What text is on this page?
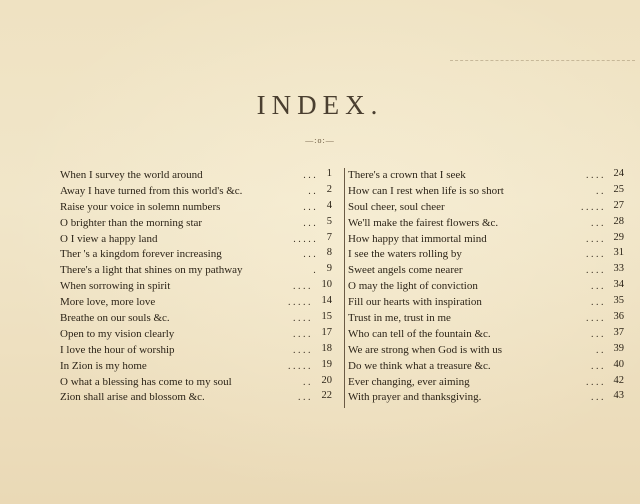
INDEX.
—:o:—
When I survey the world around	. . . 1
Away I have turned from this world's &c.	. . 2
Raise your voice in solemn numbers	. . . 4
O brighter than the morning star	. . . 5
O I view a happy land	. . . . . 7
Ther 's a kingdom forever increasing	. . . 8
There's a light that shines on my pathway	. 9
When sorrowing in spirit	. . . . 10
More love, more love	. . . . . 14
Breathe on our souls &c.	. . . . 15
Open to my vision clearly	. . . . 17
I love the hour of worship	. . . . 18
In Zion is my home	. . . . . 19
O what a blessing has come to my soul	. . 20
Zion shall arise and blossom &c.	. . . 22
There's a crown that I seek	. . . . 24
How can I rest when life is so short	. . 25
Soul cheer, soul cheer	. . . . . 27
We'll make the fairest flowers &c.	. . . 28
How happy that immortal mind	. . . . 29
I see the waters rolling by	. . . . 31
Sweet angels come nearer	. . . . 33
O may the light of conviction	. . . 34
Fill our hearts with inspiration	. . . 35
Trust in me, trust in me	. . . . 36
Who can tell of the fountain &c.	. . . 37
We are strong when God is with us	. . 39
Do we think what a treasure &c.	. . . 40
Ever changing, ever aiming	. . . . 42
With prayer and thanksgiving.	. . . 43
